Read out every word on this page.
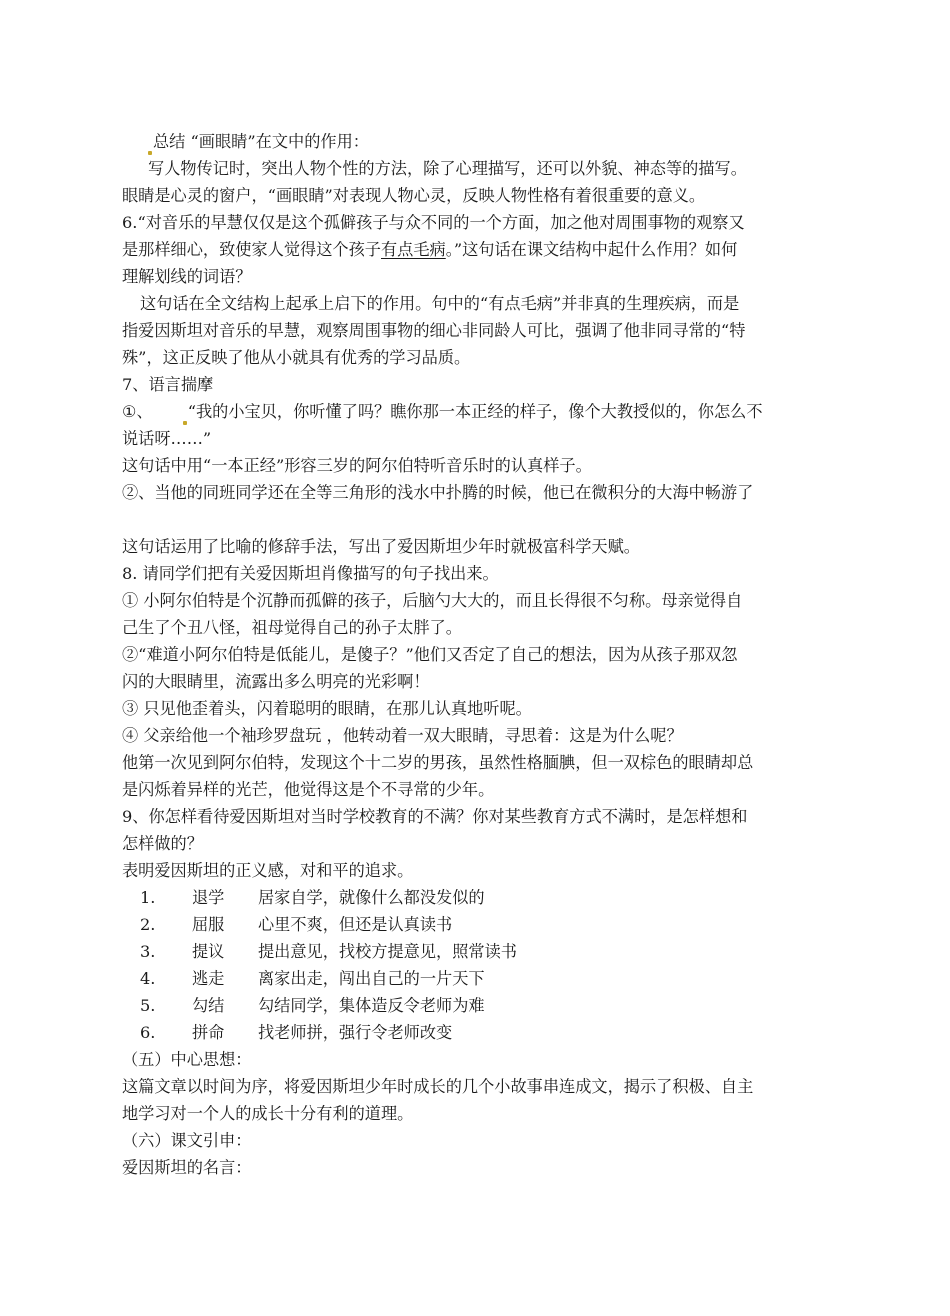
总结 “画眼睛”在文中的作用：
写人物传记时，突出人物个性的方法，除了心理描写，还可以外貌、神态等的描写。
眼睛是心灵的窗户，“画眼睛”对表现人物心灵，反映人物性格有着很重要的意义。
6.“对音乐的早慧仅仅是这个孤僻孩子与众不同的一个方面，加之他对周围事物的观察又
是那样细心，致使家人觉得这个孩子有点毛病。”这句话在课文结构中起什么作用？如何
理解划线的词语？
这句话在全文结构上起承上启下的作用。句中的“有点毛病”并非真的生理疾病，而是
指爱因斯坦对音乐的早慧，观察周围事物的细心非同龄人可比，强调了他非同寻常的“特
殊”，这正反映了他从小就具有优秀的学习品质。
7、语言揣摩
①、 “我的小宝贝，你听懂了吗？瞧你那一本正经的样子，像个大教授似的，你怎么不
说话呀……”
这句话中用“一本正经”形容三岁的阿尔伯特听音乐时的认真样子。
②、当他的同班同学还在全等三角形的浅水中扑腾的时候，他已在微积分的大海中畅游了
这句话运用了比喻的修辞手法，写出了爱因斯坦少年时就极富科学天赋。
8. 请同学们把有关爱因斯坦肖像描写的句子找出来。
① 小阿尔伯特是个沉静而孤僻的孩子，后脑勺大大的，而且长得很不匀称。母亲觉得自
己生了个丑八怪，祖母觉得自己的孙子太胖了。
②“难道小阿尔伯特是低能儿，是傻子？”他们又否定了自己的想法，因为从孩子那双忽
闪的大眼睛里，流露出多么明亮的光彩啊！
③ 只见他歪着头，闪着聪明的眼睛，在那儿认真地听呢。
④ 父亲给他一个袖珍罗盘玩 ，他转动着一双大眼睛，寻思着：这是为什么呢？
他第一次见到阿尔伯特，发现这个十二岁的男孩，虽然性格腼腆，但一双棕色的眼睛却总
是闪烁着异样的光芒，他觉得这是个不寻常的少年。
9、你怎样看待爱因斯坦对当时学校教育的不满？你对某些教育方式不满时，是怎样想和
怎样做的？
表明爱因斯坦的正义感，对和平的追求。
1. 退学 居家自学，就像什么都没发似的
2. 屈服 心里不爽，但还是认真读书
3. 提议 提出意见，找校方提意见，照常读书
4. 逃走 离家出走，闯出自己的一片天下
5. 勾结 勾结同学，集体造反令老师为难
6. 拼命 找老师拼，强行令老师改变
（五）中心思想：
这篇文章以时间为序，将爱因斯坦少年时成长的几个小故事串连成文，揭示了积极、自主
地学习对一个人的成长十分有利的道理。
（六）课文引申：
爱因斯坦的名言：
